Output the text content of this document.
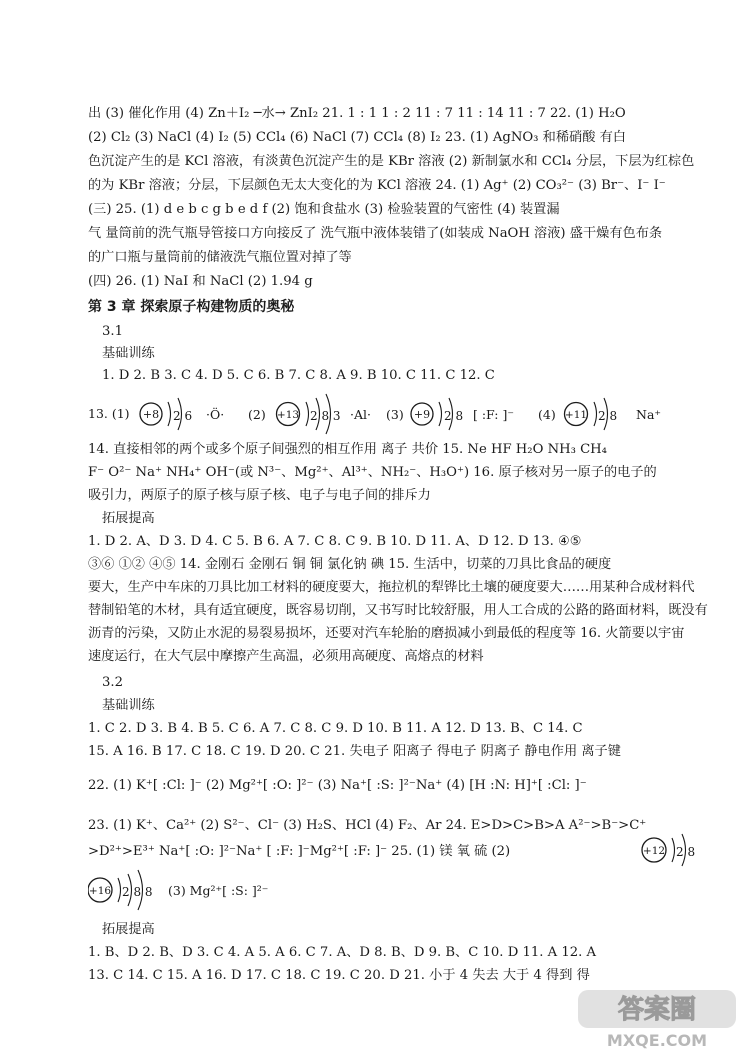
出 (3) 催化作用 (4) Zn＋I₂ ─水→ ZnI₂ 21. 1 : 1 1 : 2 11 : 7 11 : 14 11 : 7 22. (1) H₂O
(2) Cl₂ (3) NaCl (4) I₂ (5) CCl₄ (6) NaCl (7) CCl₄ (8) I₂ 23. (1) AgNO₃ 和稀硝酸 有白
色沉淀产生的是 KCl 溶液，有淡黄色沉淀产生的是 KBr 溶液 (2) 新制氯水和 CCl₄ 分层，下层为红棕色
的为 KBr 溶液；分层，下层颜色无太大变化的为 KCl 溶液 24. (1) Ag⁺ (2) CO₃²⁻ (3) Br⁻、I⁻ I⁻
(三) 25. (1) d e b c g b e d f (2) 饱和食盐水 (3) 检验装置的气密性 (4) 装置漏
气 量筒前的洗气瓶导管接口方向接反了 洗气瓶中液体装错了(如装成 NaOH 溶液) 盛干燥有色布条
的广口瓶与量筒前的储液洗气瓶位置对掉了等
(四) 26. (1) NaI 和 NaCl (2) 1.94 g
第 3 章 探索原子构建物质的奥秘
3.1
基础训练
1. D 2. B 3. C 4. D 5. C 6. B 7. C 8. A 9. B 10. C 11. C 12. C
13. (1) +8 2 6 ·Ö· (2) +13 2 8 3 ·Al· (3) +9 2 8 [ :F: ]⁻ (4) +11 2 8 Na⁺
14. 直接相邻的两个或多个原子间强烈的相互作用 离子 共价 15. Ne HF H₂O NH₃ CH₄
F⁻ O²⁻ Na⁺ NH₄⁺ OH⁻(或 N³⁻、Mg²⁺、Al³⁺、NH₂⁻、H₃O⁺) 16. 原子核对另一原子的电子的
吸引力，两原子的原子核与原子核、电子与电子间的排斥力
拓展提高
1. D 2. A、D 3. D 4. C 5. B 6. A 7. C 8. C 9. B 10. D 11. A、D 12. D 13. ④⑤
③⑥ ①② ④⑤ 14. 金刚石 金刚石 铜 铜 氯化钠 碘 15. 生活中，切菜的刀具比食品的硬度
要大，生产中车床的刀具比加工材料的硬度要大，拖拉机的犁铧比土壤的硬度要大……用某种合成材料代
替制铅笔的木材，具有适宜硬度，既容易切削，又书写时比较舒服，用人工合成的公路的路面材料，既没有
沥青的污染，又防止水泥的易裂易损坏，还要对汽车轮胎的磨损减小到最低的程度等 16. 火箭要以宇宙
速度运行，在大气层中摩擦产生高温，必须用高硬度、高熔点的材料
3.2
基础训练
1. C 2. D 3. B 4. B 5. C 6. A 7. C 8. C 9. D 10. B 11. A 12. D 13. B、C 14. C
15. A 16. B 17. C 18. C 19. D 20. C 21. 失电子 阳离子 得电子 阴离子 静电作用 离子键
22. (1) K⁺[ :Cl: ]⁻ (2) Mg²⁺[ :O: ]²⁻ (3) Na⁺[ :S: ]²⁻Na⁺ (4) [H :N: H]⁺[ :Cl: ]⁻
23. (1) K⁺、Ca²⁺ (2) S²⁻、Cl⁻ (3) H₂S、HCl (4) F₂、Ar 24. E>D>C>B>A A²⁻>B⁻>C⁺
>D²⁺>E³⁺ Na⁺[ :O: ]²⁻Na⁺ [ :F: ]⁻Mg²⁺[ :F: ]⁻ 25. (1) 镁 氧 硫 (2)	+12 2 8
+16 2 8 8 (3) Mg²⁺[ :S: ]²⁻
拓展提高
1. B、D 2. B、D 3. C 4. A 5. A 6. C 7. A、D 8. B、D 9. B、C 10. D 11. A 12. A
13. C 14. C 15. A 16. D 17. C 18. C 19. C 20. D 21. 小于 4 失去 大于 4 得到 得
答案圈
MXQE.COM
